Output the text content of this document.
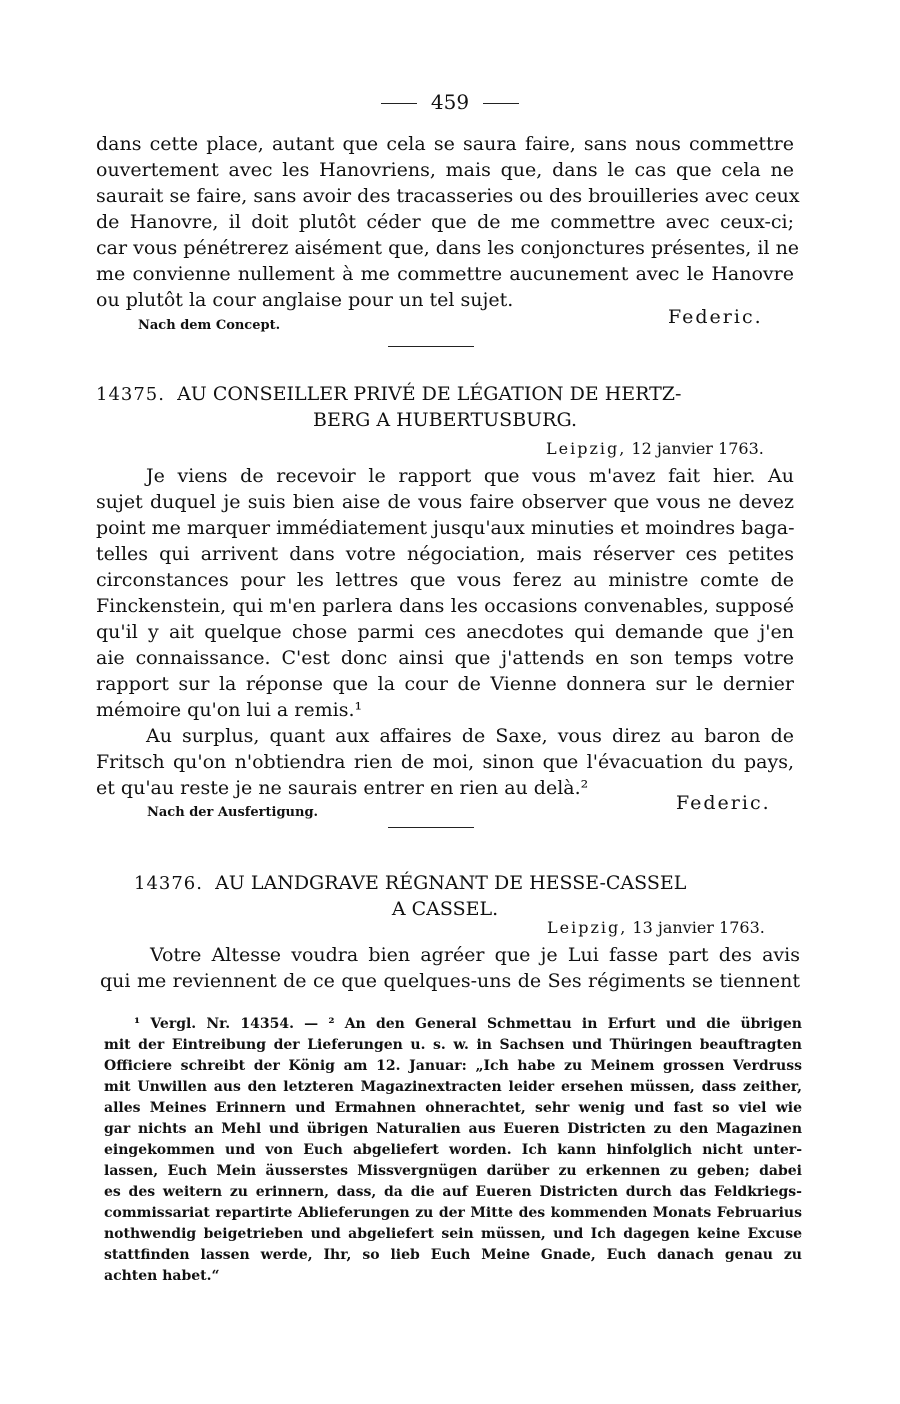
459
dans cette place, autant que cela se saura faire, sans nous commettre
ouvertement avec les Hanovriens, mais que, dans le cas que cela ne
saurait se faire, sans avoir des tracasseries ou des brouilleries avec ceux
de Hanovre, il doit plutôt céder que de me commettre avec ceux-ci;
car vous pénétrerez aisément que, dans les conjonctures présentes, il ne
me convienne nullement à me commettre aucunement avec le Hanovre
ou plutôt la cour anglaise pour un tel sujet.
Nach dem Concept.	Federic.
14375. AU CONSEILLER PRIVÉ DE LÉGATION DE HERTZ-
BERG A HUBERTUSBURG.
Leipzig, 12 janvier 1763.
Je viens de recevoir le rapport que vous m'avez fait hier. Au
sujet duquel je suis bien aise de vous faire observer que vous ne devez
point me marquer immédiatement jusqu'aux minuties et moindres baga-
telles qui arrivent dans votre négociation, mais réserver ces petites
circonstances pour les lettres que vous ferez au ministre comte de
Finckenstein, qui m'en parlera dans les occasions convenables, supposé
qu'il y ait quelque chose parmi ces anecdotes qui demande que j'en
aie connaissance. C'est donc ainsi que j'attends en son temps votre
rapport sur la réponse que la cour de Vienne donnera sur le dernier
mémoire qu'on lui a remis.¹
Au surplus, quant aux affaires de Saxe, vous direz au baron de
Fritsch qu'on n'obtiendra rien de moi, sinon que l'évacuation du pays,
et qu'au reste je ne saurais entrer en rien au delà.²
Nach der Ausfertigung.	Federic.
14376. AU LANDGRAVE RÉGNANT DE HESSE-CASSEL
A CASSEL.
Leipzig, 13 janvier 1763.
Votre Altesse voudra bien agréer que je Lui fasse part des avis
qui me reviennent de ce que quelques-uns de Ses régiments se tiennent
¹ Vergl. Nr. 14354. — ² An den General Schmettau in Erfurt und die übrigen
mit der Eintreibung der Lieferungen u. s. w. in Sachsen und Thüringen beauftragten
Officiere schreibt der König am 12. Januar: „Ich habe zu Meinem grossen Verdruss
mit Unwillen aus den letzteren Magazinextracten leider ersehen müssen, dass zeither,
alles Meines Erinnern und Ermahnen ohnerachtet, sehr wenig und fast so viel wie
gar nichts an Mehl und übrigen Naturalien aus Eueren Districten zu den Magazinen
eingekommen und von Euch abgeliefert worden. Ich kann hinfolglich nicht unter-
lassen, Euch Mein äusserstes Missvergnügen darüber zu erkennen zu geben; dabei
es des weitern zu erinnern, dass, da die auf Eueren Districten durch das Feldkriegs-
commissariat repartirte Ablieferungen zu der Mitte des kommenden Monats Februarius
nothwendig beigetrieben und abgeliefert sein müssen, und Ich dagegen keine Excuse
stattfinden lassen werde, Ihr, so lieb Euch Meine Gnade, Euch danach genau zu
achten habet.“
